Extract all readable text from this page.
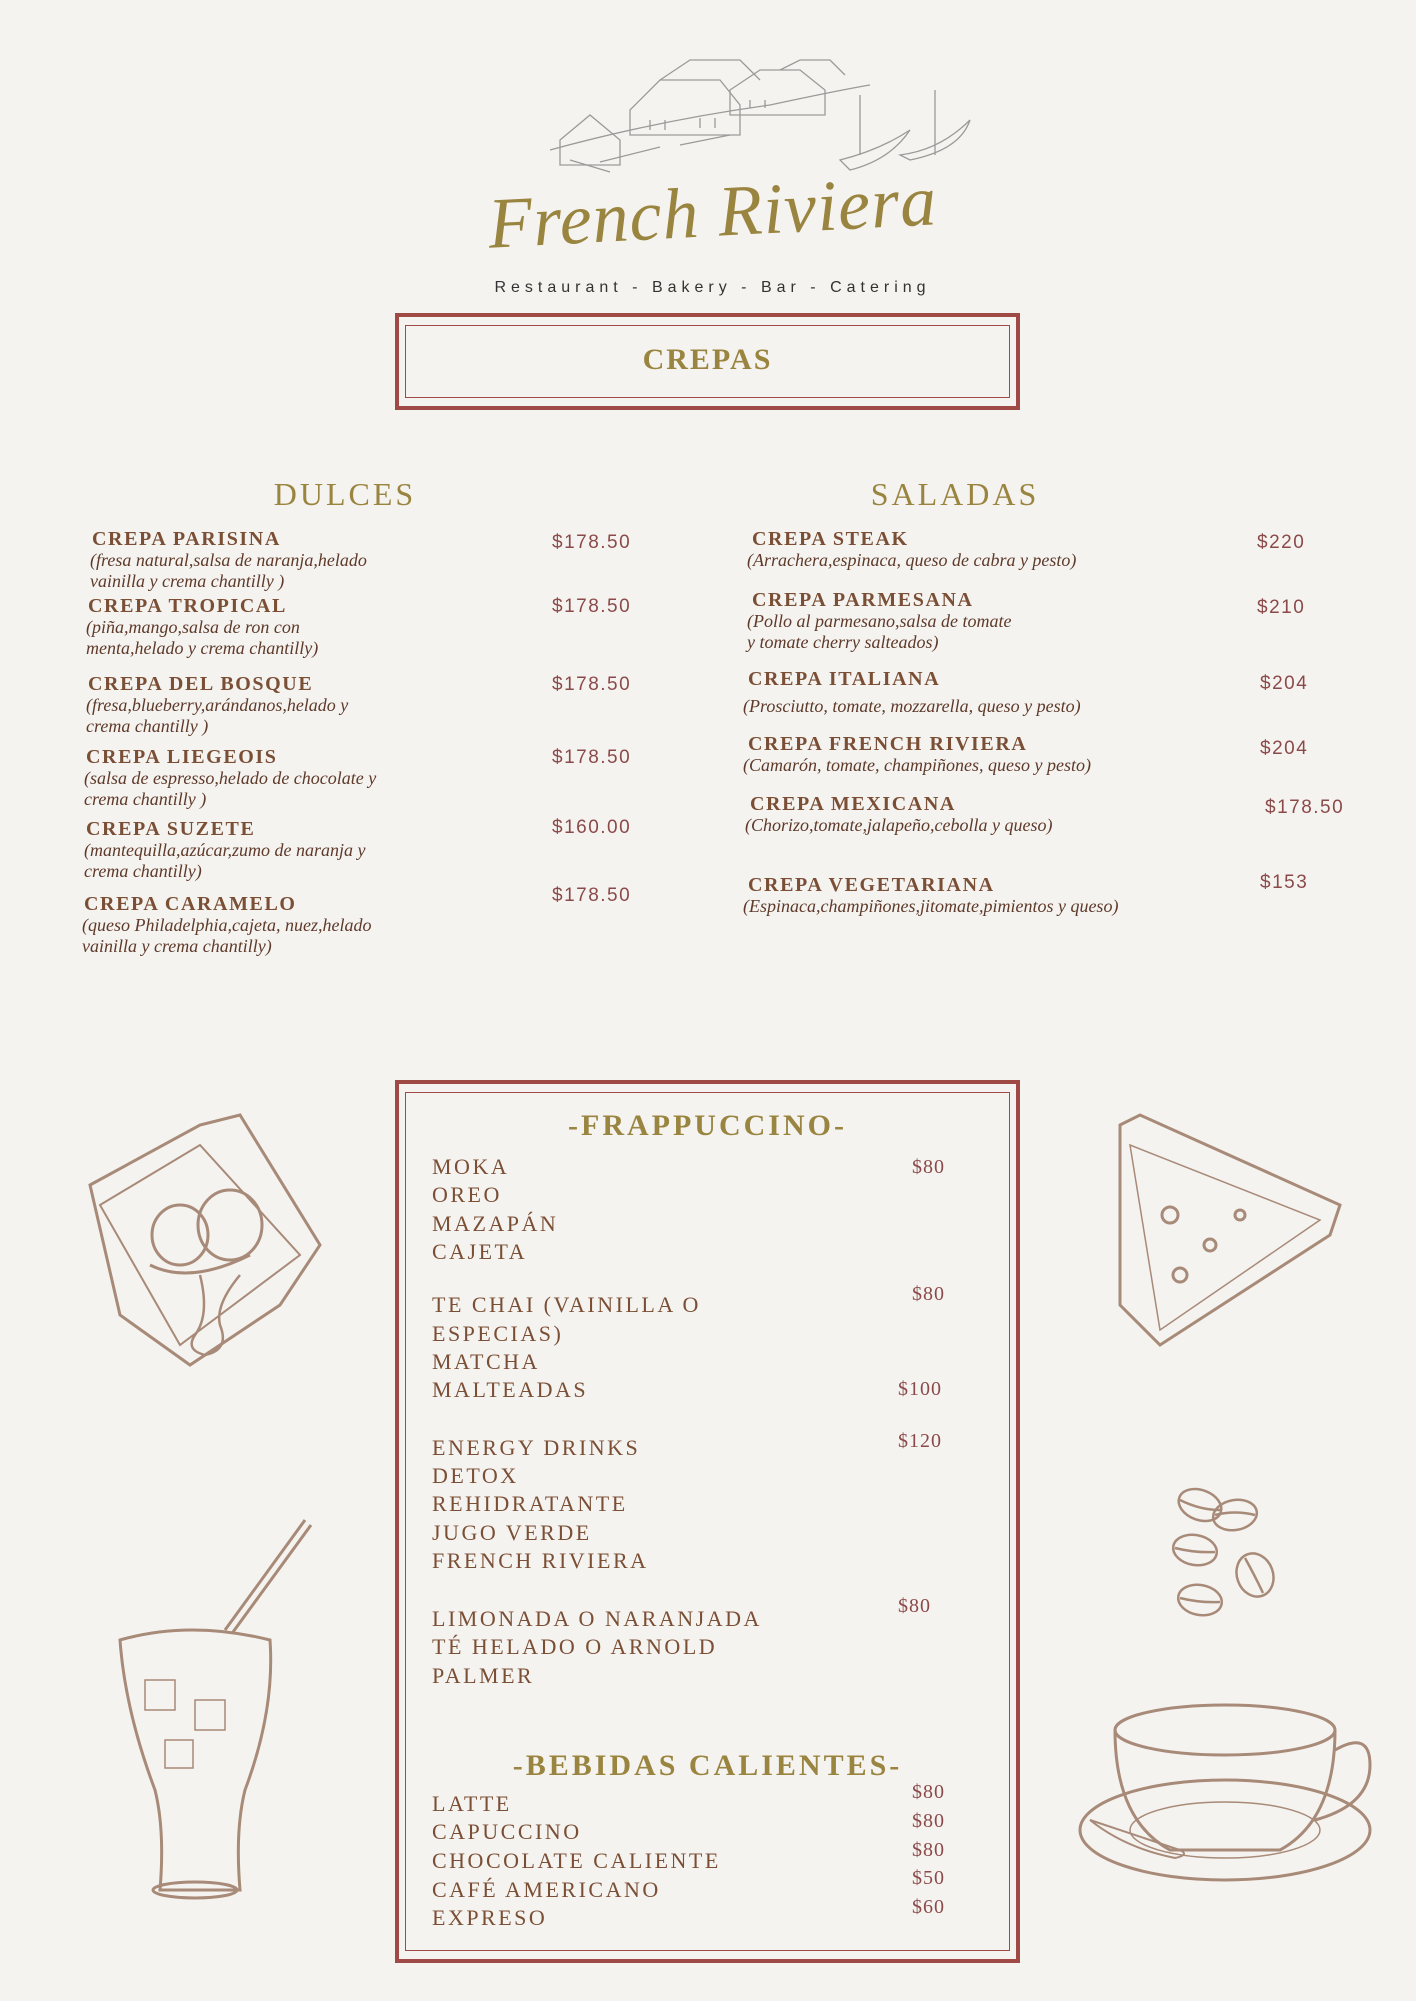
French Riviera
Restaurant - Bakery - Bar - Catering
CREPAS
DULCES	SALADAS
-FRAPPUCCINO-
-BEBIDAS CALIENTES-
CREPA PARISINA
(fresa natural,salsa de naranja,helado
vainilla y crema chantilly )
$178.50
CREPA TROPICAL
(piña,mango,salsa de ron con
menta,helado y crema chantilly)
$178.50
CREPA DEL BOSQUE
(fresa,blueberry,arándanos,helado y
crema chantilly )
$178.50
CREPA LIEGEOIS
(salsa de espresso,helado de chocolate y
crema chantilly )
$178.50
CREPA SUZETE
(mantequilla,azúcar,zumo de naranja y
crema chantilly)
$160.00
CREPA CARAMELO
(queso Philadelphia,cajeta, nuez,helado
vainilla y crema chantilly)
$178.50
CREPA STEAK
(Arrachera,espinaca, queso de cabra y pesto)
$220
CREPA PARMESANA
(Pollo al parmesano,salsa de tomate
y tomate cherry salteados)
$210
CREPA ITALIANA
(Prosciutto, tomate, mozzarella, queso y pesto)
$204
CREPA FRENCH RIVIERA
(Camarón, tomate, champiñones, queso y pesto)
$204
CREPA MEXICANA
(Chorizo,tomate,jalapeño,cebolla y queso)
$178.50
CREPA VEGETARIANA
(Espinaca,champiñones,jitomate,pimientos y queso)
$153
MOKA
OREO
MAZAPÁN
CAJETA
TE CHAI (VAINILLA O
ESPECIAS)
MATCHA
MALTEADAS
ENERGY DRINKS
DETOX
REHIDRATANTE
JUGO VERDE
FRENCH RIVIERA
LIMONADA O NARANJADA
TÉ HELADO O ARNOLD
PALMER
$80
$80
$100
$120
$80
LATTE
CAPUCCINO
CHOCOLATE CALIENTE
CAFÉ AMERICANO
EXPRESO
$80
$80
$80
$50
$60
